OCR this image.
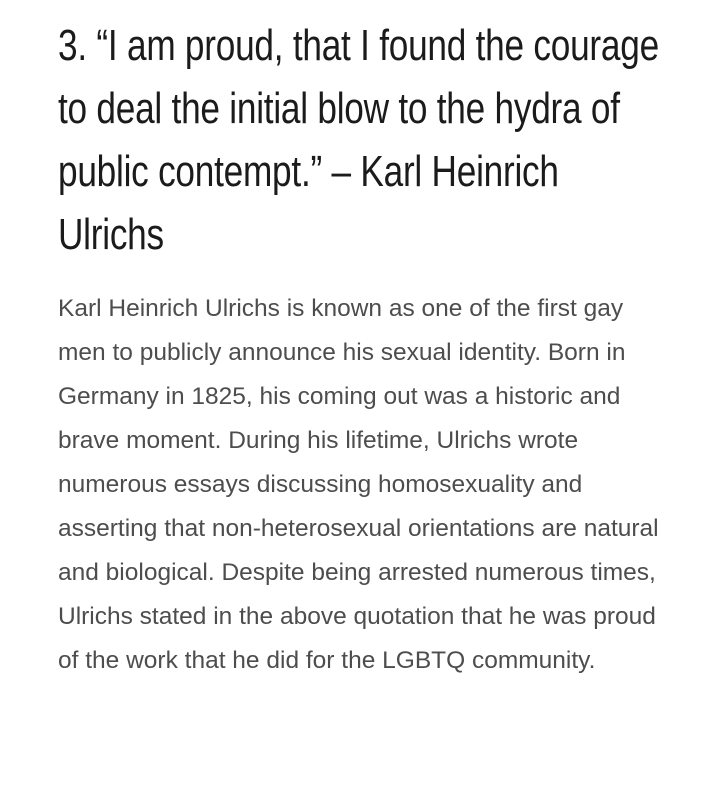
3. “I am proud, that I found the courage to deal the initial blow to the hydra of public contempt.” – Karl Heinrich Ulrichs

Karl Heinrich Ulrichs is known as one of the first gay men to publicly announce his sexual identity. Born in Germany in 1825, his coming out was a historic and brave moment. During his lifetime, Ulrichs wrote numerous essays discussing homosexuality and asserting that non-heterosexual orientations are natural and biological. Despite being arrested numerous times, Ulrichs stated in the above quotation that he was proud of the work that he did for the LGBTQ community.
